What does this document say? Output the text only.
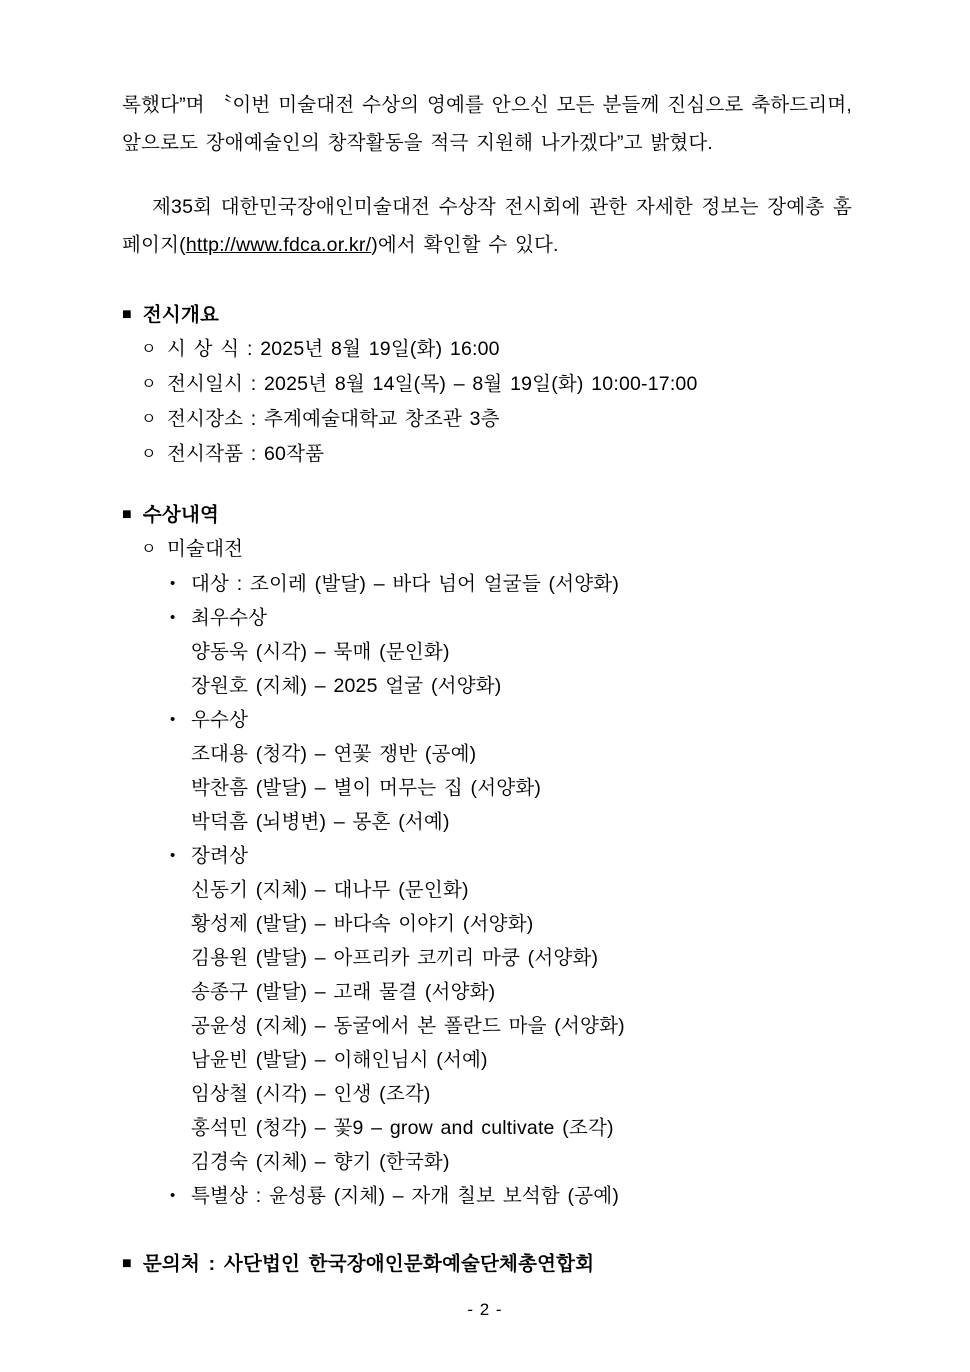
록했다”며 〝이번 미술대전 수상의 영예를 안으신 모든 분들께 진심으로 축하드리며, 앞으로도 장애예술인의 창작활동을 적극 지원해 나가겠다”고 밝혔다.
제35회 대한민국장애인미술대전 수상작 전시회에 관한 자세한 정보는 장예총 홈페이지(http://www.fdca.or.kr/)에서 확인할 수 있다.
■ 전시개요
ㅇ 시 상 식 : 2025년 8월 19일(화) 16:00
ㅇ 전시일시 : 2025년 8월 14일(목) – 8월 19일(화) 10:00-17:00
ㅇ 전시장소 : 추계예술대학교 창조관 3층
ㅇ 전시작품 : 60작품
■ 수상내역
ㅇ 미술대전
• 대상 : 조이레 (발달) – 바다 넘어 얼굴들 (서양화)
• 최우수상
양동욱 (시각) – 묵매 (문인화)
장원호 (지체) – 2025 얼굴 (서양화)
• 우수상
조대용 (청각) – 연꽃 쟁반 (공예)
박찬흠 (발달) – 별이 머무는 집 (서양화)
박덕흠 (뇌병변) – 몽혼 (서예)
• 장려상
신동기 (지체) – 대나무 (문인화)
황성제 (발달) – 바다속 이야기 (서양화)
김용원 (발달) – 아프리카 코끼리 마쿵 (서양화)
송종구 (발달) – 고래 물결 (서양화)
공윤성 (지체) – 동굴에서 본 폴란드 마을 (서양화)
남윤빈 (발달) – 이해인님시 (서예)
임상철 (시각) – 인생 (조각)
홍석민 (청각) – 꽃9 – grow and cultivate (조각)
김경숙 (지체) – 향기 (한국화)
• 특별상 : 윤성룡 (지체) – 자개 칠보 보석함 (공예)
■ 문의처 : 사단법인 한국장애인문화예술단체총연합회
- 2 -
